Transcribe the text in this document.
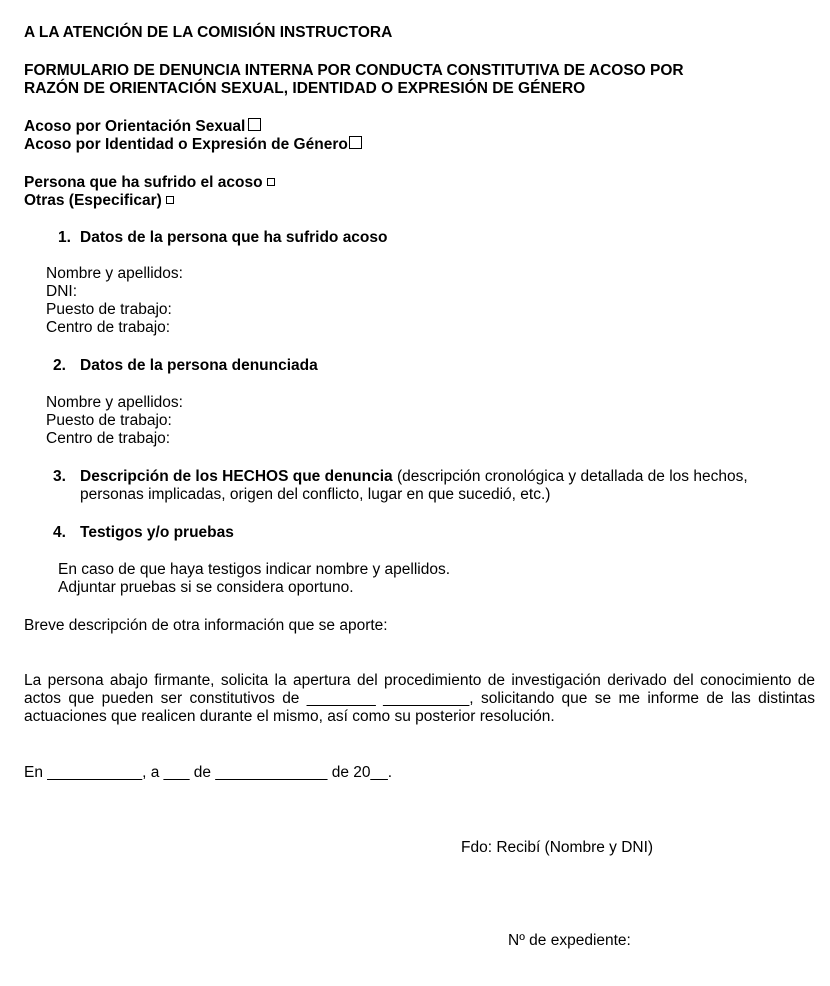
A LA ATENCIÓN DE LA COMISIÓN INSTRUCTORA
FORMULARIO DE DENUNCIA INTERNA POR CONDUCTA CONSTITUTIVA DE ACOSO POR
RAZÓN DE ORIENTACIÓN SEXUAL, IDENTIDAD O EXPRESIÓN DE GÉNERO
Acoso por Orientación Sexual
Acoso por Identidad o Expresión de Género
Persona que ha sufrido el acoso
Otras (Especificar)
1. Datos de la persona que ha sufrido acoso
Nombre y apellidos:
DNI:
Puesto de trabajo:
Centro de trabajo:
2. Datos de la persona denunciada
Nombre y apellidos:
Puesto de trabajo:
Centro de trabajo:
3. Descripción de los HECHOS que denuncia (descripción cronológica y detallada de los hechos,
personas implicadas, origen del conflicto, lugar en que sucedió, etc.)
4. Testigos y/o pruebas
En caso de que haya testigos indicar nombre y apellidos.
Adjuntar pruebas si se considera oportuno.
Breve descripción de otra información que se aporte:
La persona abajo firmante, solicita la apertura del procedimiento de investigación derivado del conocimiento de actos que pueden ser constitutivos de ________ __________, solicitando que se me informe de las distintas actuaciones que realicen durante el mismo, así como su posterior resolución.
En ___________, a ___ de _____________ de 20__.
Fdo: Recibí (Nombre y DNI)
Nº de expediente:
